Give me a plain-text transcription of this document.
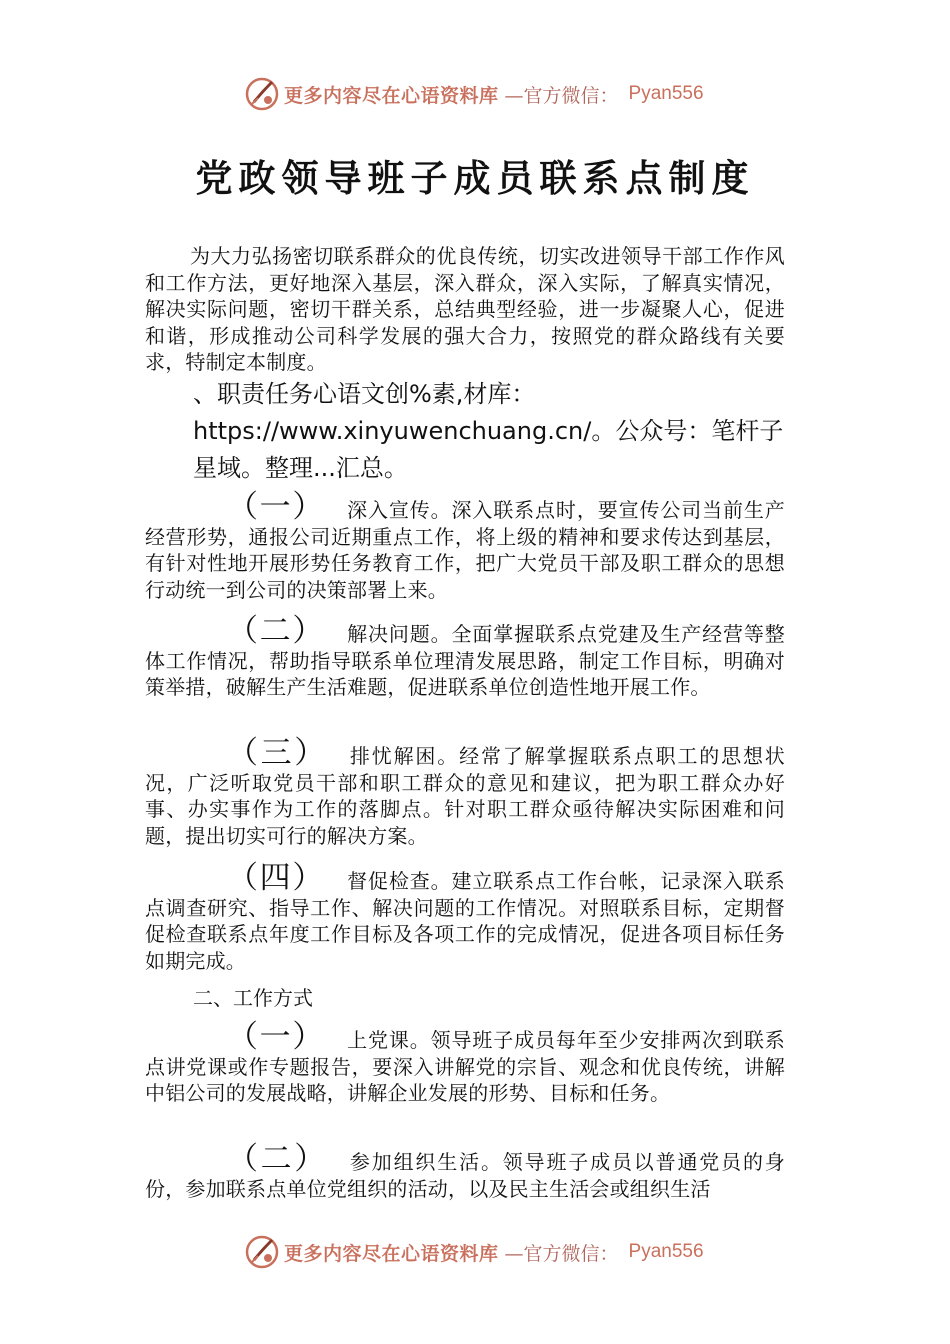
更多内容尽在心语资料库 —官方微信： Pyan556
党政领导班子成员联系点制度

为大力弘扬密切联系群众的优良传统，切实改进领导干部工作作风和工作方法，更好地深入基层，深入群众，深入实际，了解真实情况，解决实际问题，密切干群关系，总结典型经验，进一步凝聚人心，促进和谐，形成推动公司科学发展的强大合力，按照党的群众路线有关要求，特制定本制度。

、职责任务心语文创%素,材库：https://www.xinyuwenchuang.cn/。公众号：笔杆子星域。整理...汇总。

（一） 深入宣传。深入联系点时，要宣传公司当前生产经营形势，通报公司近期重点工作，将上级的精神和要求传达到基层，有针对性地开展形势任务教育工作，把广大党员干部及职工群众的思想行动统一到公司的决策部署上来。

（二） 解决问题。全面掌握联系点党建及生产经营等整体工作情况，帮助指导联系单位理清发展思路，制定工作目标，明确对策举措，破解生产生活难题，促进联系单位创造性地开展工作。

（三） 排忧解困。经常了解掌握联系点职工的思想状况，广泛听取党员干部和职工群众的意见和建议，把为职工群众办好事、办实事作为工作的落脚点。针对职工群众亟待解决实际困难和问题，提出切实可行的解决方案。

（四） 督促检查。建立联系点工作台帐，记录深入联系点调查研究、指导工作、解决问题的工作情况。对照联系目标，定期督促检查联系点年度工作目标及各项工作的完成情况，促进各项目标任务如期完成。

二、工作方式

（一） 上党课。领导班子成员每年至少安排两次到联系点讲党课或作专题报告，要深入讲解党的宗旨、观念和优良传统，讲解中铝公司的发展战略，讲解企业发展的形势、目标和任务。

（二） 参加组织生活。领导班子成员以普通党员的身份，参加联系点单位党组织的活动，以及民主生活会或组织生活

更多内容尽在心语资料库 —官方微信： Pyan556
